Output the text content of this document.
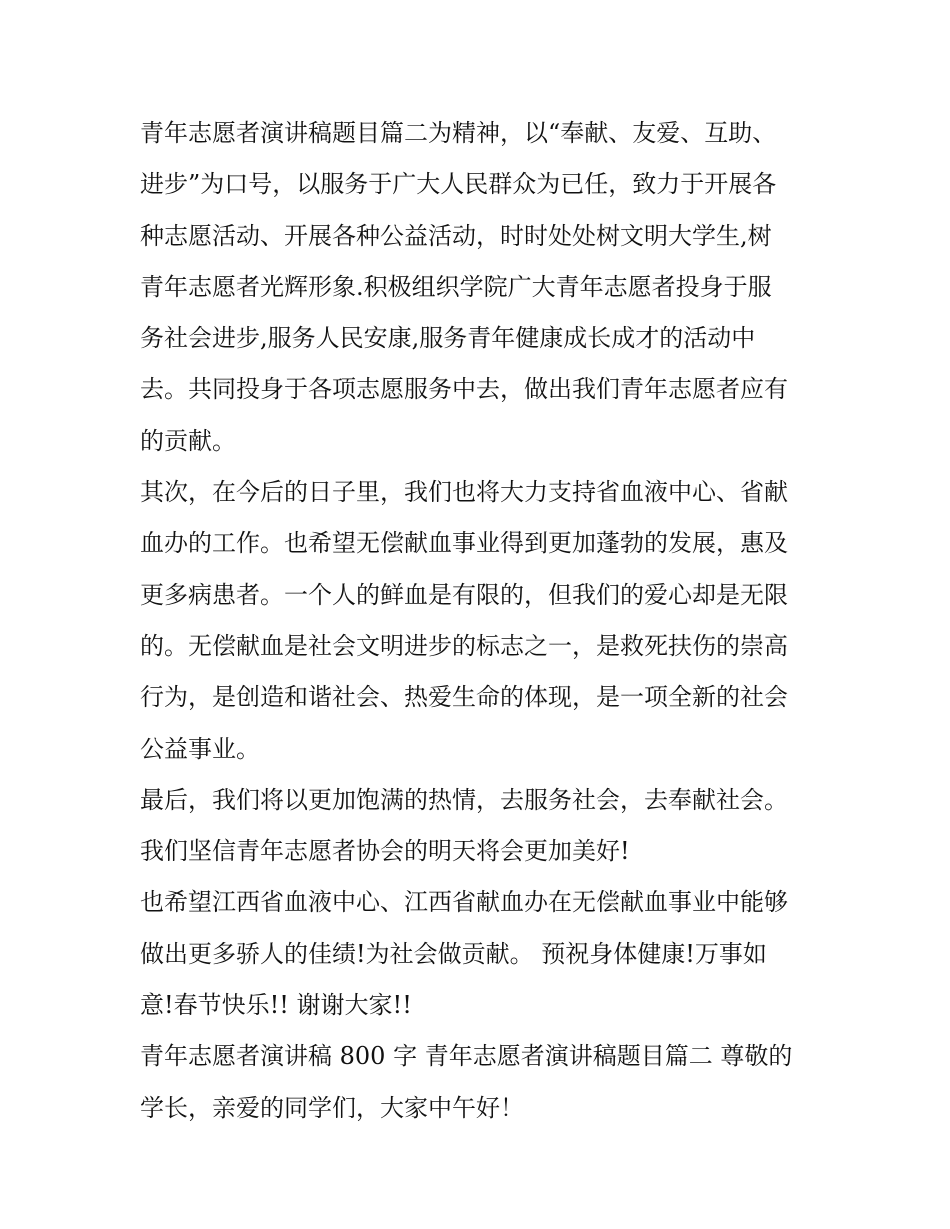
青年志愿者演讲稿题目篇二为精神，以“奉献、友爱、互助、
进步”为口号，以服务于广大人民群众为已任，致力于开展各
种志愿活动、开展各种公益活动，时时处处树文明大学生,树
青年志愿者光辉形象.积极组织学院广大青年志愿者投身于服
务社会进步,服务人民安康,服务青年健康成长成才的活动中
去。共同投身于各项志愿服务中去，做出我们青年志愿者应有
的贡献。
其次，在今后的日子里，我们也将大力支持省血液中心、省献
血办的工作。也希望无偿献血事业得到更加蓬勃的发展，惠及
更多病患者。一个人的鲜血是有限的，但我们的爱心却是无限
的。无偿献血是社会文明进步的标志之一，是救死扶伤的崇高
行为，是创造和谐社会、热爱生命的体现，是一项全新的社会
公益事业。
最后，我们将以更加饱满的热情，去服务社会，去奉献社会。
我们坚信青年志愿者协会的明天将会更加美好!
也希望江西省血液中心、江西省献血办在无偿献血事业中能够
做出更多骄人的佳绩!为社会做贡献。 预祝身体健康!万事如
意!春节快乐!! 谢谢大家!!
青年志愿者演讲稿 800 字 青年志愿者演讲稿题目篇二 尊敬的
学长，亲爱的同学们，大家中午好！
